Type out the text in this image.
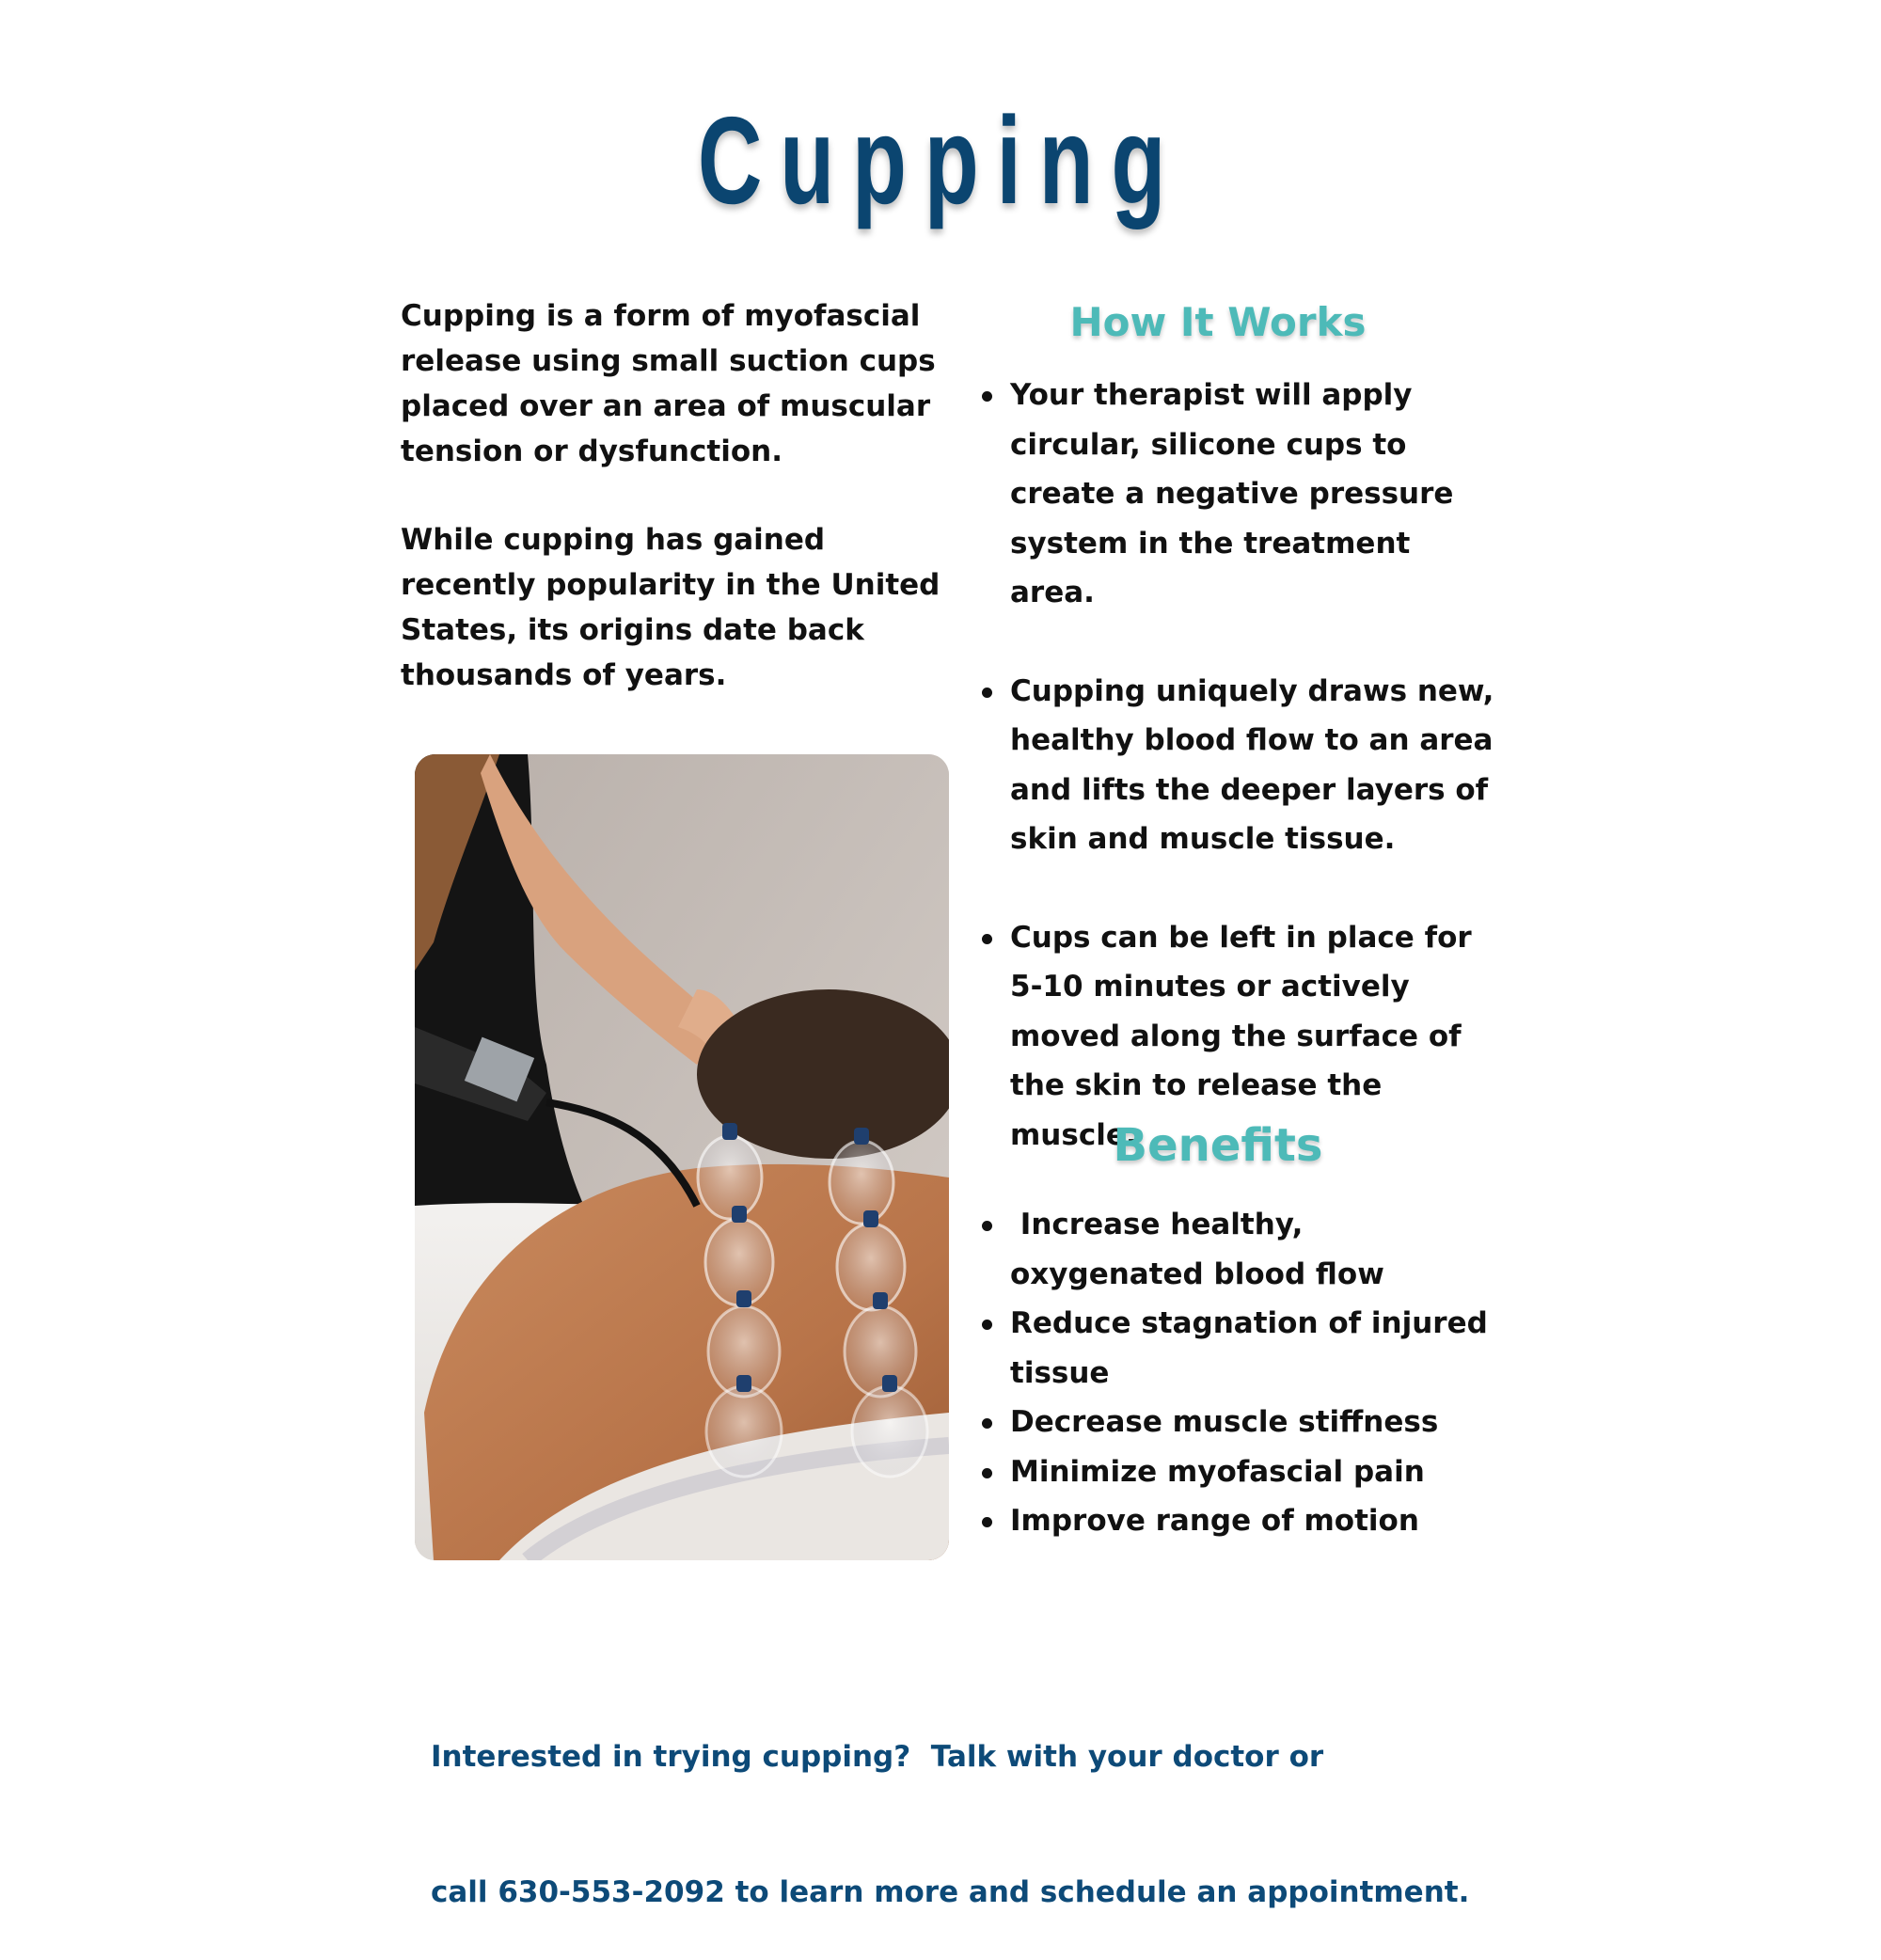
Cupping

Cupping is a form of myofascial release using small suction cups placed over an area of muscular tension or dysfunction.

While cupping has gained recently popularity in the United States, its origins date back thousands of years.

How It Works
Your therapist will apply circular, silicone cups to create a negative pressure system in the treatment area.
Cupping uniquely draws new, healthy blood flow to an area and lifts the deeper layers of skin and muscle tissue.
Cups can be left in place for 5-10 minutes or actively moved along the surface of the skin to release the muscle.
Benefits
Increase healthy, oxygenated blood flow
Reduce stagnation of injured tissue
Decrease muscle stiffness
Minimize myofascial pain
Improve range of motion

Interested in trying cupping?  Talk with your doctor or

call 630-553-2092 to learn more and schedule an appointment.
